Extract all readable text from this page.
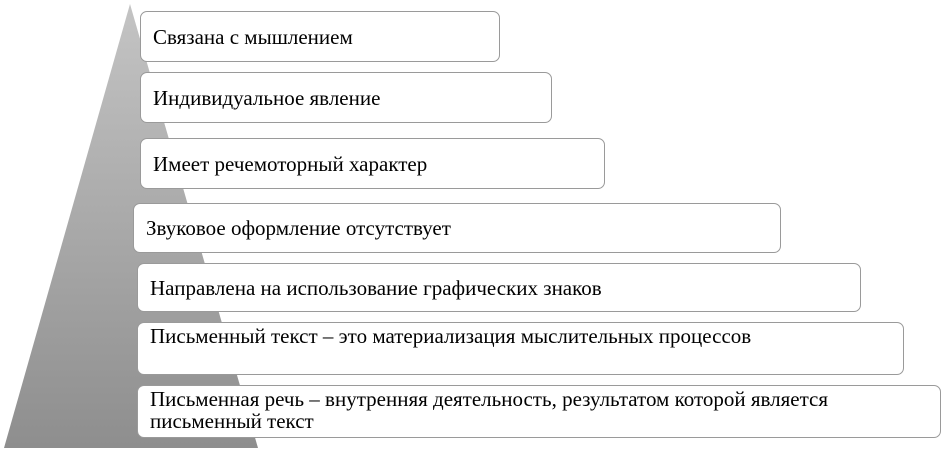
Связана с мышлением
Индивидуальное явление
Имеет речемоторный характер
Звуковое оформление отсутствует
Направлена на использование графических знаков
Письменный текст – это материализация мыслительных процессов
Письменная речь – внутренняя деятельность, результатом которой является письменный текст
